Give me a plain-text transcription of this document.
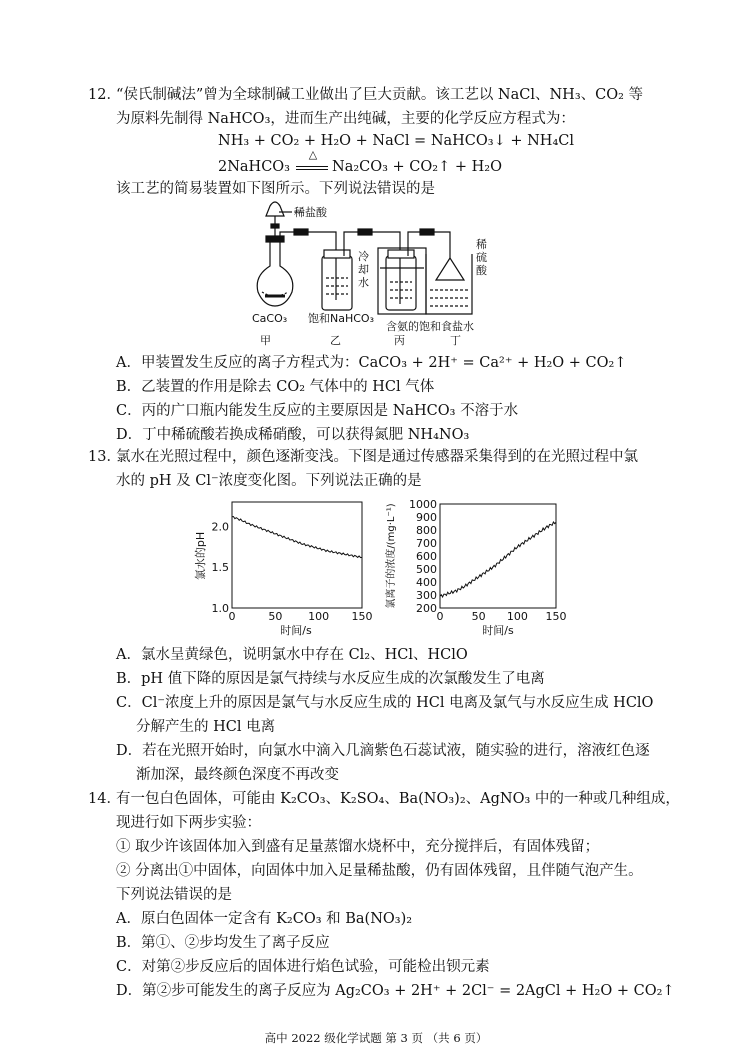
12．
“侯氏制碱法”曾为全球制碱工业做出了巨大贡献。该工艺以 NaCl、NH₃、CO₂ 等
为原料先制得 NaHCO₃，进而生产出纯碱，主要的化学反应方程式为：
NH₃ + CO₂ + H₂O + NaCl = NaHCO₃↓ + NH₄Cl
2NaHCO₃
△
Na₂CO₃ + CO₂↑ + H₂O
该工艺的简易装置如下图所示。下列说法错误的是
稀盐酸
CaCO₃ 饱和NaHCO₃
冷
却
水
稀
硫
酸
含氨的饱和食盐水
甲	乙	丙	丁
A．甲装置发生反应的离子方程式为：CaCO₃ + 2H⁺ = Ca²⁺ + H₂O + CO₂↑
B．乙装置的作用是除去 CO₂ 气体中的 HCl 气体
C．丙的广口瓶内能发生反应的主要原因是 NaHCO₃ 不溶于水
D．丁中稀硫酸若换成稀硝酸，可以获得氮肥 NH₄NO₃
13．
氯水在光照过程中，颜色逐渐变浅。下图是通过传感器采集得到的在光照过程中氯
水的 pH 及 Cl⁻浓度变化图。下列说法正确的是
1.0
1.5
2.0
0	50 100 150
时间/s
氯水的pH
200
300
400
500
600
700
800
900
1000
0	50 100 150
时间/s
氯离子的浓度/(mg·L⁻¹)
A．氯水呈黄绿色，说明氯水中存在 Cl₂、HCl、HClO
B．pH 值下降的原因是氯气持续与水反应生成的次氯酸发生了电离
C．Cl⁻浓度上升的原因是氯气与水反应生成的 HCl 电离及氯气与水反应生成 HClO
分解产生的 HCl 电离
D．若在光照开始时，向氯水中滴入几滴紫色石蕊试液，随实验的进行，溶液红色逐
渐加深，最终颜色深度不再改变
14．
有一包白色固体，可能由 K₂CO₃、K₂SO₄、Ba(NO₃)₂、AgNO₃ 中的一种或几种组成，
现进行如下两步实验：
① 取少许该固体加入到盛有足量蒸馏水烧杯中，充分搅拌后，有固体残留；
② 分离出①中固体，向固体中加入足量稀盐酸，仍有固体残留，且伴随气泡产生。
下列说法错误的是
A．原白色固体一定含有 K₂CO₃ 和 Ba(NO₃)₂
B．第①、②步均发生了离子反应
C．对第②步反应后的固体进行焰色试验，可能检出钡元素
D．第②步可能发生的离子反应为 Ag₂CO₃ + 2H⁺ + 2Cl⁻ = 2AgCl + H₂O + CO₂↑
高中 2022 级化学试题 第 3 页 （共 6 页）
